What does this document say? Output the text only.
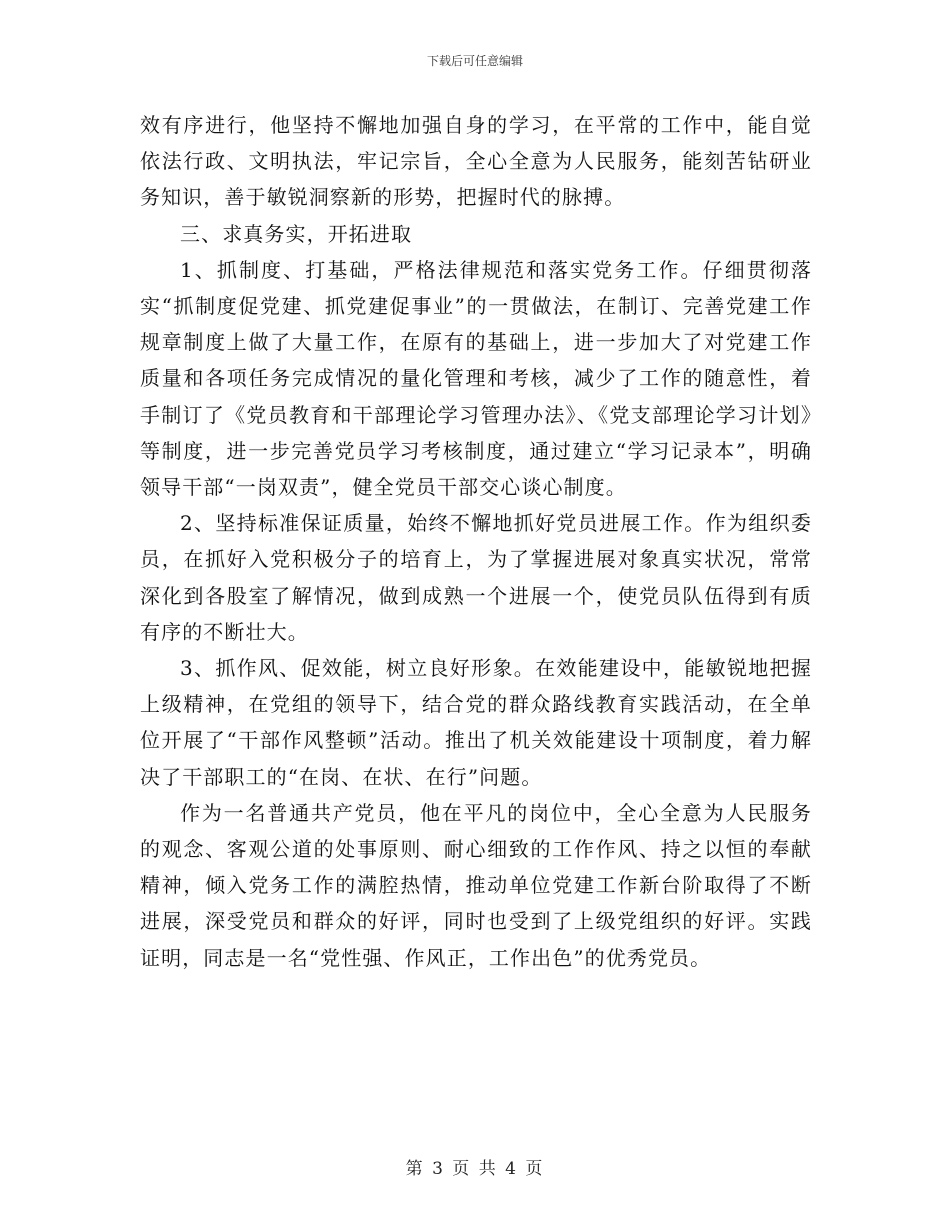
下载后可任意编辑

效有序进行，他坚持不懈地加强自身的学习，在平常的工作中，能自觉依法行政、文明执法，牢记宗旨，全心全意为人民服务，能刻苦钻研业务知识，善于敏锐洞察新的形势，把握时代的脉搏。

三、求真务实，开拓进取

1、抓制度、打基础，严格法律规范和落实党务工作。仔细贯彻落实“抓制度促党建、抓党建促事业”的一贯做法，在制订、完善党建工作规章制度上做了大量工作，在原有的基础上，进一步加大了对党建工作质量和各项任务完成情况的量化管理和考核，减少了工作的随意性，着手制订了《党员教育和干部理论学习管理办法》、《党支部理论学习计划》等制度，进一步完善党员学习考核制度，通过建立“学习记录本”，明确领导干部“一岗双责”，健全党员干部交心谈心制度。

2、坚持标准保证质量，始终不懈地抓好党员进展工作。作为组织委员，在抓好入党积极分子的培育上，为了掌握进展对象真实状况，常常深化到各股室了解情况，做到成熟一个进展一个，使党员队伍得到有质有序的不断壮大。

3、抓作风、促效能，树立良好形象。在效能建设中，能敏锐地把握上级精神，在党组的领导下，结合党的群众路线教育实践活动，在全单位开展了“干部作风整顿”活动。推出了机关效能建设十项制度，着力解决了干部职工的“在岗、在状、在行”问题。

作为一名普通共产党员，他在平凡的岗位中，全心全意为人民服务的观念、客观公道的处事原则、耐心细致的工作作风、持之以恒的奉献精神，倾入党务工作的满腔热情，推动单位党建工作新台阶取得了不断进展，深受党员和群众的好评，同时也受到了上级党组织的好评。实践证明，同志是一名“党性强、作风正，工作出色”的优秀党员。

第 3 页 共 4 页
